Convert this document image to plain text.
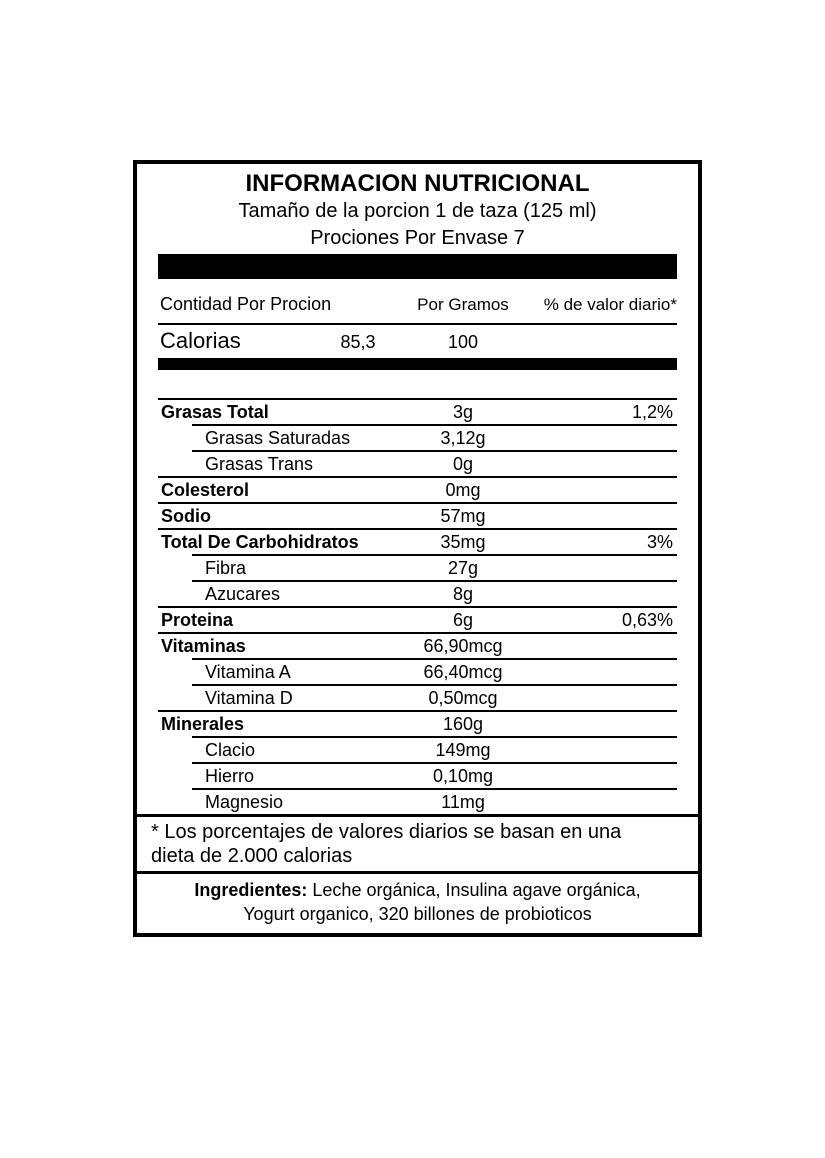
INFORMACION NUTRICIONAL
Tamaño de la porcion 1 de taza (125 ml)
Prociones Por Envase 7
Contidad Por Procion	Por Gramos	% de valor diario*
Calorias	85,3	100
Grasas Total	3g	1,2%
Grasas Saturadas	3,12g
Grasas Trans	0g
Colesterol	0mg
Sodio	57mg
Total De Carbohidratos	35mg	3%
Fibra	27g
Azucares	8g
Proteina	6g	0,63%
Vitaminas	66,90mcg
Vitamina A	66,40mcg
Vitamina D	0,50mcg
Minerales	160g
Clacio	149mg
Hierro	0,10mg
Magnesio	11mg
* Los porcentajes de valores diarios se basan en una
dieta de 2.000 calorias
Ingredientes: Leche orgánica, Insulina agave orgánica,
Yogurt organico, 320 billones de probioticos
